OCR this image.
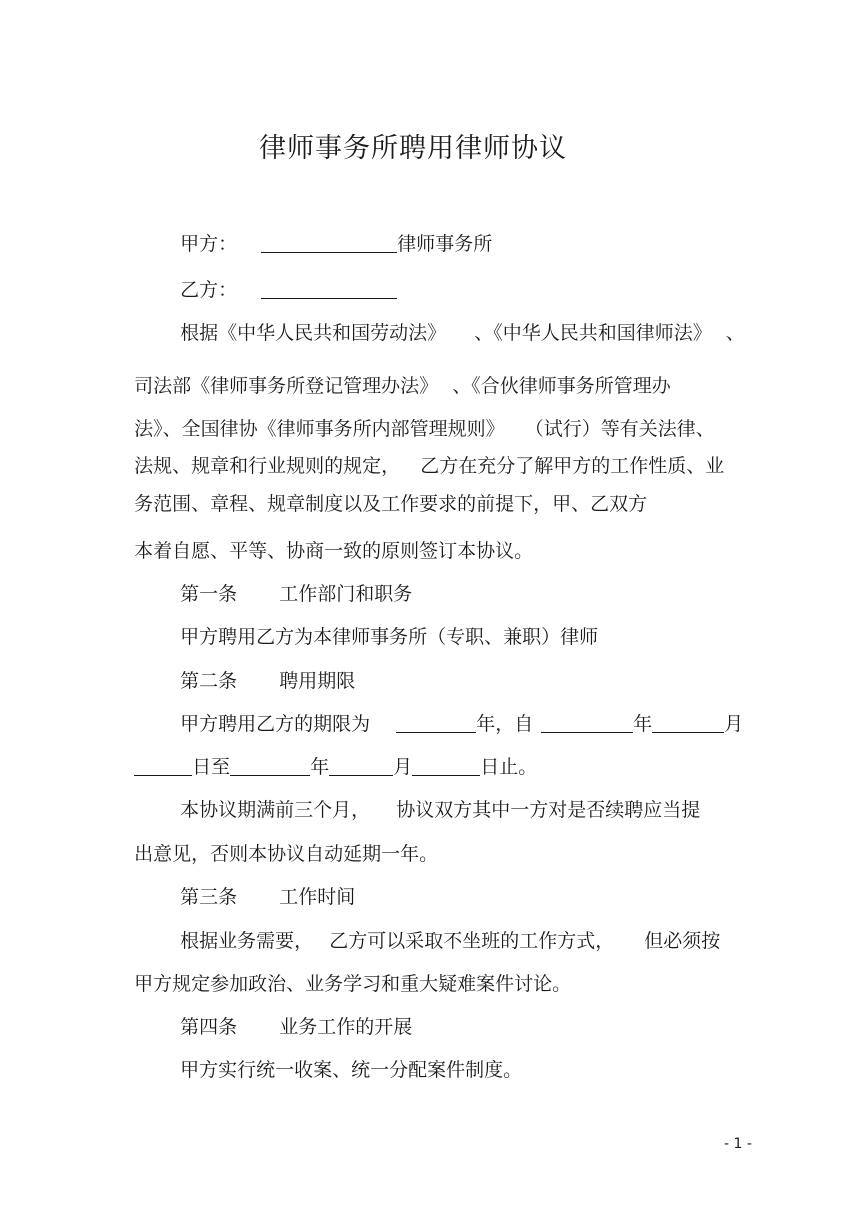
律师事务所聘用律师协议

甲方：	律师事务所

乙方：

根据《中华人民共和国劳动法》 、《中华人民共和国律师法》 、

司法部《律师事务所登记管理办法》 、《合伙律师事务所管理办

法》、全国律协《律师事务所内部管理规则》 （试行）等有关法律、

法规、规章和行业规则的规定， 乙方在充分了解甲方的工作性质、业

务范围、章程、规章制度以及工作要求的前提下，甲、乙双方

本着自愿、平等、协商一致的原则签订本协议。

第一条 工作部门和职务

甲方聘用乙方为本律师事务所（专职、兼职）律师

第二条 聘用期限

甲方聘用乙方的期限为	年，自	年	月

日至	年	月	日止。

本协议期满前三个月， 协议双方其中一方对是否续聘应当提

出意见，否则本协议自动延期一年。

第三条 工作时间

根据业务需要， 乙方可以采取不坐班的工作方式， 但必须按

甲方规定参加政治、业务学习和重大疑难案件讨论。

第四条 业务工作的开展

甲方实行统一收案、统一分配案件制度。

- 1 -
